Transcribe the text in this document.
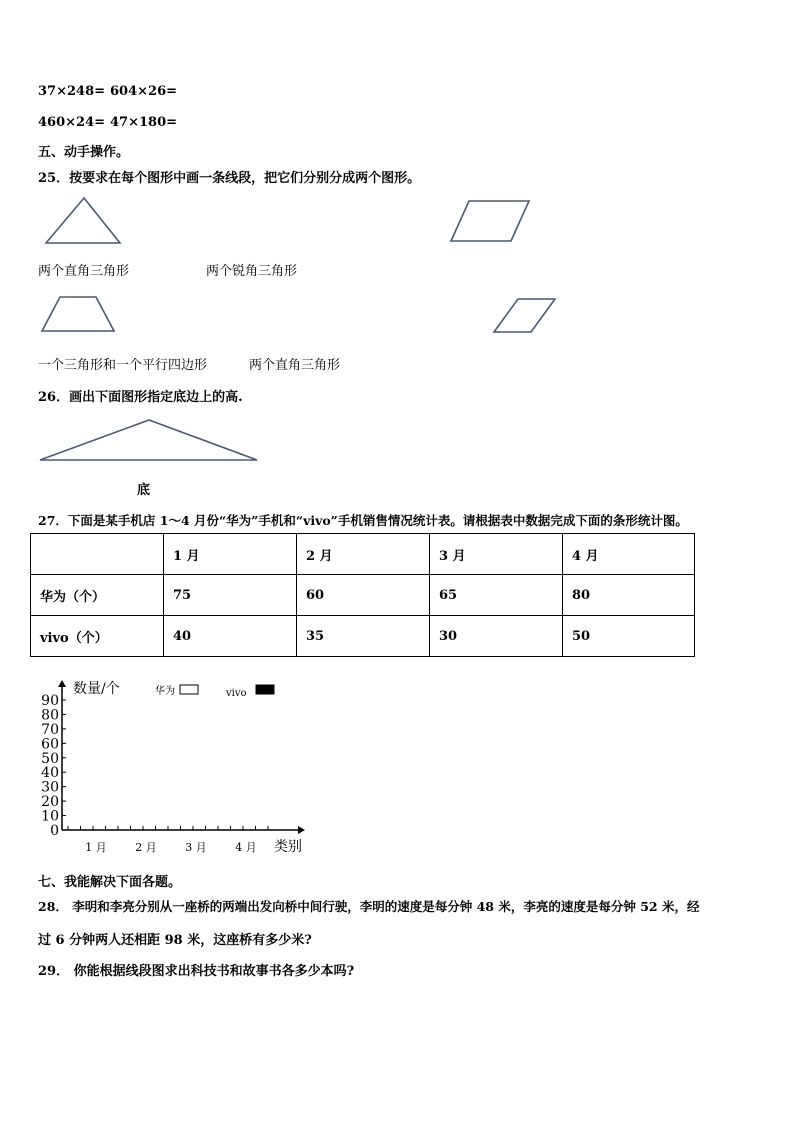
37×248= 604×26=
460×24= 47×180=
五、动手操作。
25．按要求在每个图形中画一条线段，把它们分别分成两个图形。
两个直角三角形	两个锐角三角形
一个三角形和一个平行四边形	两个直角三角形
26．画出下面图形指定底边上的高.
底
27．下面是某手机店 1～4 月份“华为”手机和“vivo”手机销售情况统计表。请根据表中数据完成下面的条形统计图。
	1 月	2 月	3 月	4 月
华为（个）	75	60	65	80
vivo（个）	40	35	30	50
0
10
20
30
40
50
60
70
80
90
1 月	2 月	3 月	4 月
数量/个
类别
华为	vivo
七、我能解决下面各题。
28． 李明和李亮分别从一座桥的两端出发向桥中间行驶，李明的速度是每分钟 48 米，李亮的速度是每分钟 52 米，经
过 6 分钟两人还相距 98 米，这座桥有多少米?
29． 你能根据线段图求出科技书和故事书各多少本吗?
